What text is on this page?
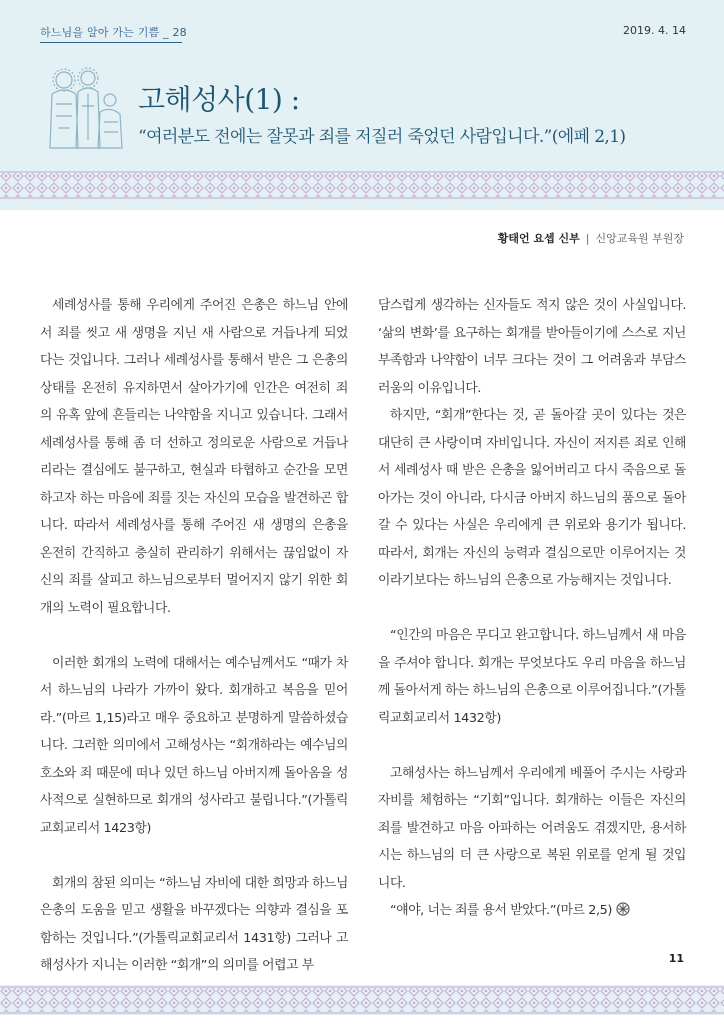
하느님을 알아 가는 기쁨 _ 28	2019. 4. 14
고해성사(1) :
“여러분도 전에는 잘못과 죄를 저질러 죽었던 사람입니다.”(에페 2,1)
황태언 요셉 신부 | 신앙교육원 부원장

세례성사를 통해 우리에게 주어진 은총은 하느님 안에서 죄를 씻고 새 생명을 지닌 새 사람으로 거듭나게 되었다는 것입니다. 그러나 세례성사를 통해서 받은 그 은총의 상태를 온전히 유지하면서 살아가기에 인간은 여전히 죄의 유혹 앞에 흔들리는 나약함을 지니고 있습니다. 그래서 세례성사를 통해 좀 더 선하고 정의로운 사람으로 거듭나리라는 결심에도 불구하고, 현실과 타협하고 순간을 모면하고자 하는 마음에 죄를 짓는 자신의 모습을 발견하곤 합니다. 따라서 세례성사를 통해 주어진 새 생명의 은총을 온전히 간직하고 충실히 관리하기 위해서는 끊임없이 자신의 죄를 살피고 하느님으로부터 멀어지지 않기 위한 회개의 노력이 필요합니다.

이러한 회개의 노력에 대해서는 예수님께서도 “때가 차서 하느님의 나라가 가까이 왔다. 회개하고 복음을 믿어라.”(마르 1,15)라고 매우 중요하고 분명하게 말씀하셨습니다. 그러한 의미에서 고해성사는 “회개하라는 예수님의 호소와 죄 때문에 떠나 있던 하느님 아버지께 돌아옴을 성사적으로 실현하므로 회개의 성사라고 불립니다.”(가톨릭교회교리서 1423항)

회개의 참된 의미는 “하느님 자비에 대한 희망과 하느님 은총의 도움을 믿고 생활을 바꾸겠다는 의향과 결심을 포함하는 것입니다.”(가톨릭교회교리서 1431항) 그러나 고해성사가 지니는 이러한 “회개”의 의미를 어렵고 부

담스럽게 생각하는 신자들도 적지 않은 것이 사실입니다. ‘삶의 변화’를 요구하는 회개를 받아들이기에 스스로 지닌 부족함과 나약함이 너무 크다는 것이 그 어려움과 부담스러움의 이유입니다.

하지만, “회개”한다는 것, 곧 돌아갈 곳이 있다는 것은 대단히 큰 사랑이며 자비입니다. 자신이 저지른 죄로 인해서 세례성사 때 받은 은총을 잃어버리고 다시 죽음으로 돌아가는 것이 아니라, 다시금 아버지 하느님의 품으로 돌아갈 수 있다는 사실은 우리에게 큰 위로와 용기가 됩니다. 따라서, 회개는 자신의 능력과 결심으로만 이루어지는 것이라기보다는 하느님의 은총으로 가능해지는 것입니다.

“인간의 마음은 무디고 완고합니다. 하느님께서 새 마음을 주셔야 합니다. 회개는 무엇보다도 우리 마음을 하느님께 돌아서게 하는 하느님의 은총으로 이루어집니다.”(가톨릭교회교리서 1432항)

고해성사는 하느님께서 우리에게 베풀어 주시는 사랑과 자비를 체험하는 “기회”입니다. 회개하는 이들은 자신의 죄를 발견하고 마음 아파하는 어려움도 겪겠지만, 용서하시는 하느님의 더 큰 사랑으로 복된 위로를 얻게 될 것입니다.

“얘야, 너는 죄를 용서 받았다.”(마르 2,5)

11
